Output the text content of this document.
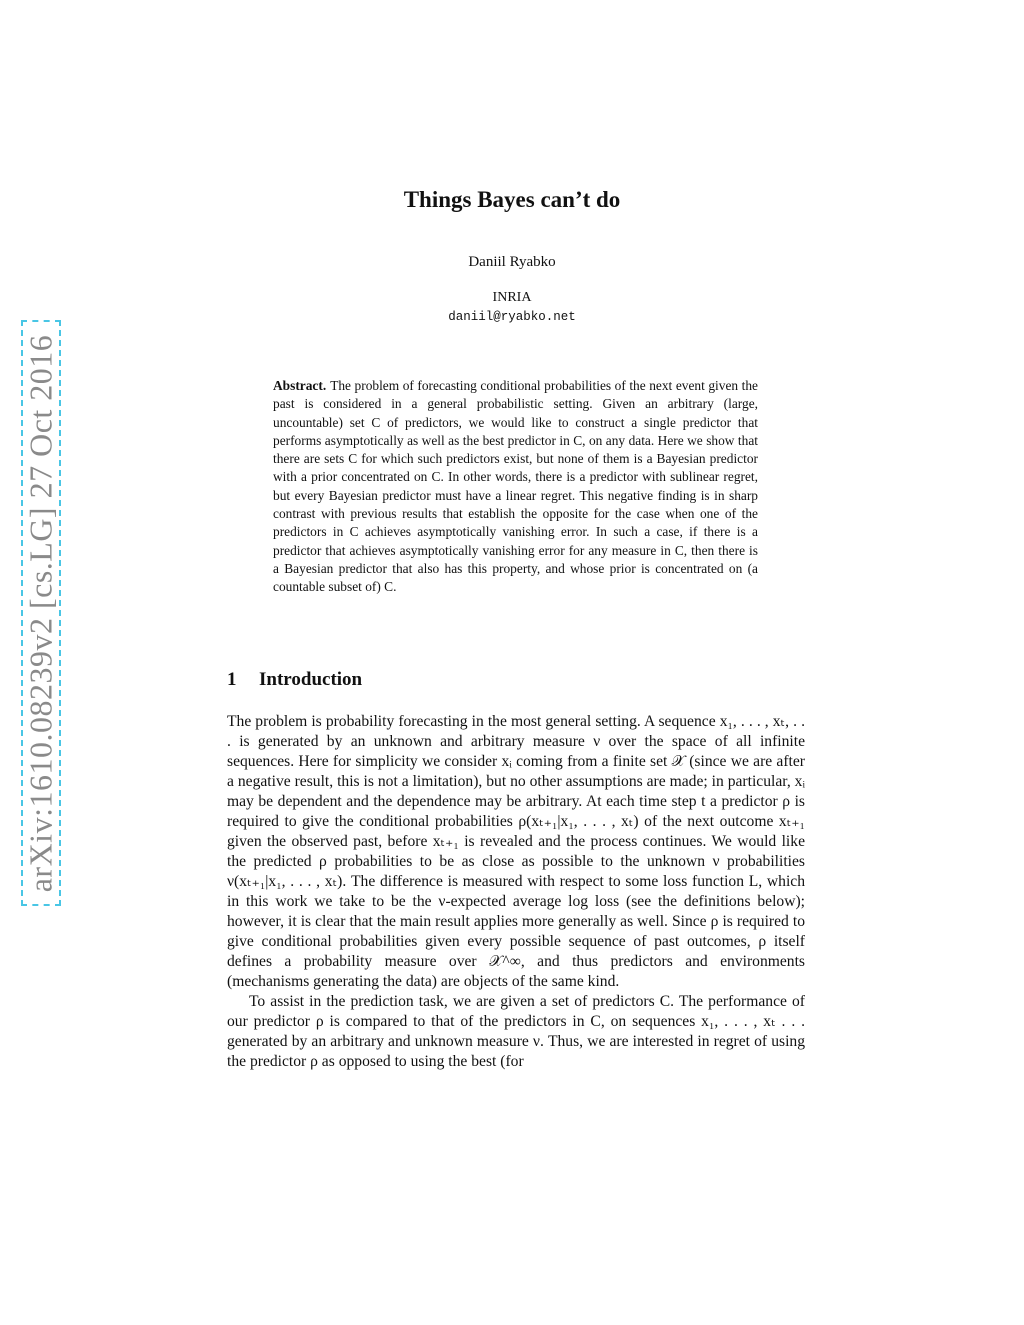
arXiv:1610.08239v2 [cs.LG] 27 Oct 2016
Things Bayes can’t do
Daniil Ryabko
INRIA
daniil@ryabko.net
Abstract. The problem of forecasting conditional probabilities of the next event given the past is considered in a general probabilistic setting. Given an arbitrary (large, uncountable) set C of predictors, we would like to construct a single predictor that performs asymptotically as well as the best predictor in C, on any data. Here we show that there are sets C for which such predictors exist, but none of them is a Bayesian predictor with a prior concentrated on C. In other words, there is a predictor with sublinear regret, but every Bayesian predictor must have a linear regret. This negative finding is in sharp contrast with previous results that establish the opposite for the case when one of the predictors in C achieves asymptotically vanishing error. In such a case, if there is a predictor that achieves asymptotically vanishing error for any measure in C, then there is a Bayesian predictor that also has this property, and whose prior is concentrated on (a countable subset of) C.
1 Introduction

The problem is probability forecasting in the most general setting. A sequence x₁, . . . , xₜ, . . . is generated by an unknown and arbitrary measure ν over the space of all infinite sequences. Here for simplicity we consider xᵢ coming from a finite set 𝒳 (since we are after a negative result, this is not a limitation), but no other assumptions are made; in particular, xᵢ may be dependent and the dependence may be arbitrary. At each time step t a predictor ρ is required to give the conditional probabilities ρ(xₜ₊₁|x₁, . . . , xₜ) of the next outcome xₜ₊₁ given the observed past, before xₜ₊₁ is revealed and the process continues. We would like the predicted ρ probabilities to be as close as possible to the unknown ν probabilities ν(xₜ₊₁|x₁, . . . , xₜ). The difference is measured with respect to some loss function L, which in this work we take to be the ν-expected average log loss (see the definitions below); however, it is clear that the main result applies more generally as well. Since ρ is required to give conditional probabilities given every possible sequence of past outcomes, ρ itself defines a probability measure over 𝒳^∞, and thus predictors and environments (mechanisms generating the data) are objects of the same kind.

To assist in the prediction task, we are given a set of predictors C. The performance of our predictor ρ is compared to that of the predictors in C, on sequences x₁, . . . , xₜ . . . generated by an arbitrary and unknown measure ν. Thus, we are interested in regret of using the predictor ρ as opposed to using the best (for
